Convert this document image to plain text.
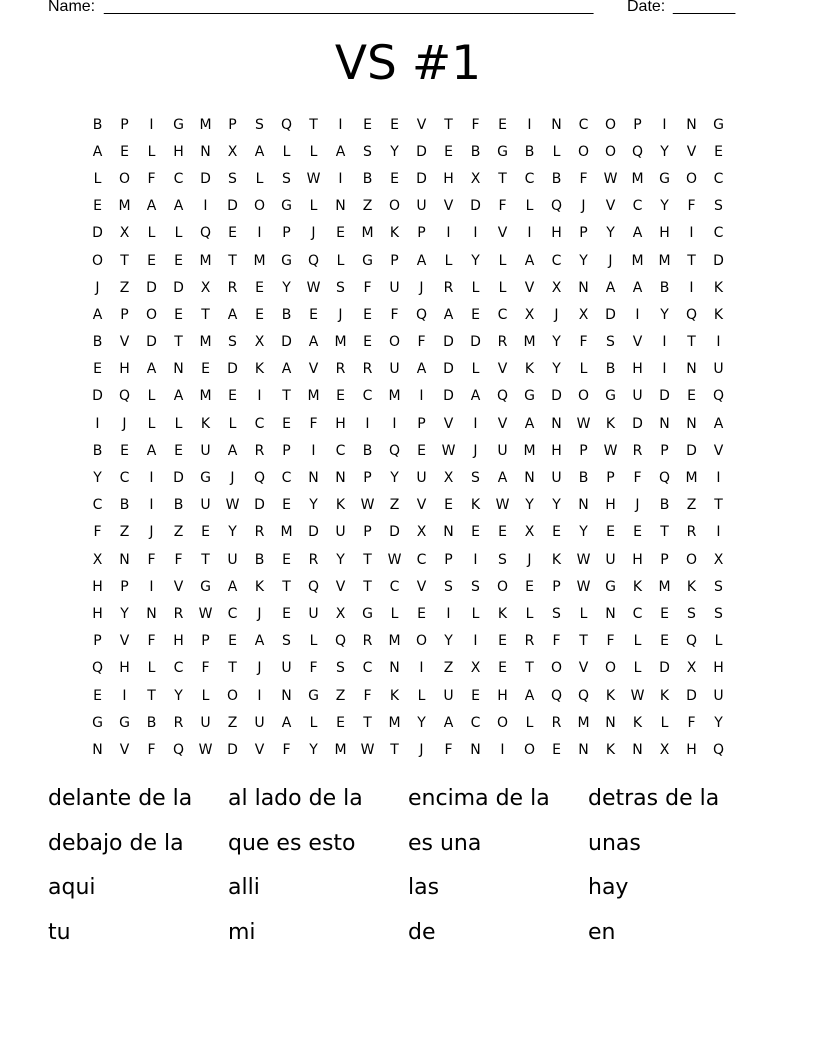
Name: _______________________________________________________ Date: _______
VS #1
B	P	I	G	M	P	S	Q	T	I	E	E	V	T	F	E	I	N	C	O	P	I	N	G
A	E	L	H	N	X	A	L	L	A	S	Y	D	E	B	G	B	L	O	O	Q	Y	V	E
L	O	F	C	D	S	L	S	W	I	B	E	D	H	X	T	C	B	F	W	M	G	O	C
E	M	A	A	I	D	O	G	L	N	Z	O	U	V	D	F	L	Q	J	V	C	Y	F	S
D	X	L	L	Q	E	I	P	J	E	M	K	P	I	I	V	I	H	P	Y	A	H	I	C
O	T	E	E	M	T	M	G	Q	L	G	P	A	L	Y	L	A	C	Y	J	M	M	T	D
J	Z	D	D	X	R	E	Y	W	S	F	U	J	R	L	L	V	X	N	A	A	B	I	K
A	P	O	E	T	A	E	B	E	J	E	F	Q	A	E	C	X	J	X	D	I	Y	Q	K
B	V	D	T	M	S	X	D	A	M	E	O	F	D	D	R	M	Y	F	S	V	I	T	I
E	H	A	N	E	D	K	A	V	R	R	U	A	D	L	V	K	Y	L	B	H	I	N	U
D	Q	L	A	M	E	I	T	M	E	C	M	I	D	A	Q	G	D	O	G	U	D	E	Q
I	J	L	L	K	L	C	E	F	H	I	I	P	V	I	V	A	N	W	K	D	N	N	A
B	E	A	E	U	A	R	P	I	C	B	Q	E	W	J	U	M	H	P	W	R	P	D	V
Y	C	I	D	G	J	Q	C	N	N	P	Y	U	X	S	A	N	U	B	P	F	Q	M	I
C	B	I	B	U	W	D	E	Y	K	W	Z	V	E	K	W	Y	Y	N	H	J	B	Z	T
F	Z	J	Z	E	Y	R	M	D	U	P	D	X	N	E	E	X	E	Y	E	E	T	R	I
X	N	F	F	T	U	B	E	R	Y	T	W	C	P	I	S	J	K	W	U	H	P	O	X
H	P	I	V	G	A	K	T	Q	V	T	C	V	S	S	O	E	P	W	G	K	M	K	S
H	Y	N	R	W	C	J	E	U	X	G	L	E	I	L	K	L	S	L	N	C	E	S	S
P	V	F	H	P	E	A	S	L	Q	R	M	O	Y	I	E	R	F	T	F	L	E	Q	L
Q	H	L	C	F	T	J	U	F	S	C	N	I	Z	X	E	T	O	V	O	L	D	X	H
E	I	T	Y	L	O	I	N	G	Z	F	K	L	U	E	H	A	Q	Q	K	W	K	D	U
G	G	B	R	U	Z	U	A	L	E	T	M	Y	A	C	O	L	R	M	N	K	L	F	Y
N	V	F	Q	W	D	V	F	Y	M	W	T	J	F	N	I	O	E	N	K	N	X	H	Q
delante de la	al lado de la	encima de la	detras de la
debajo de la	que es esto	es una	unas
aqui	alli	las	hay
tu	mi	de	en
